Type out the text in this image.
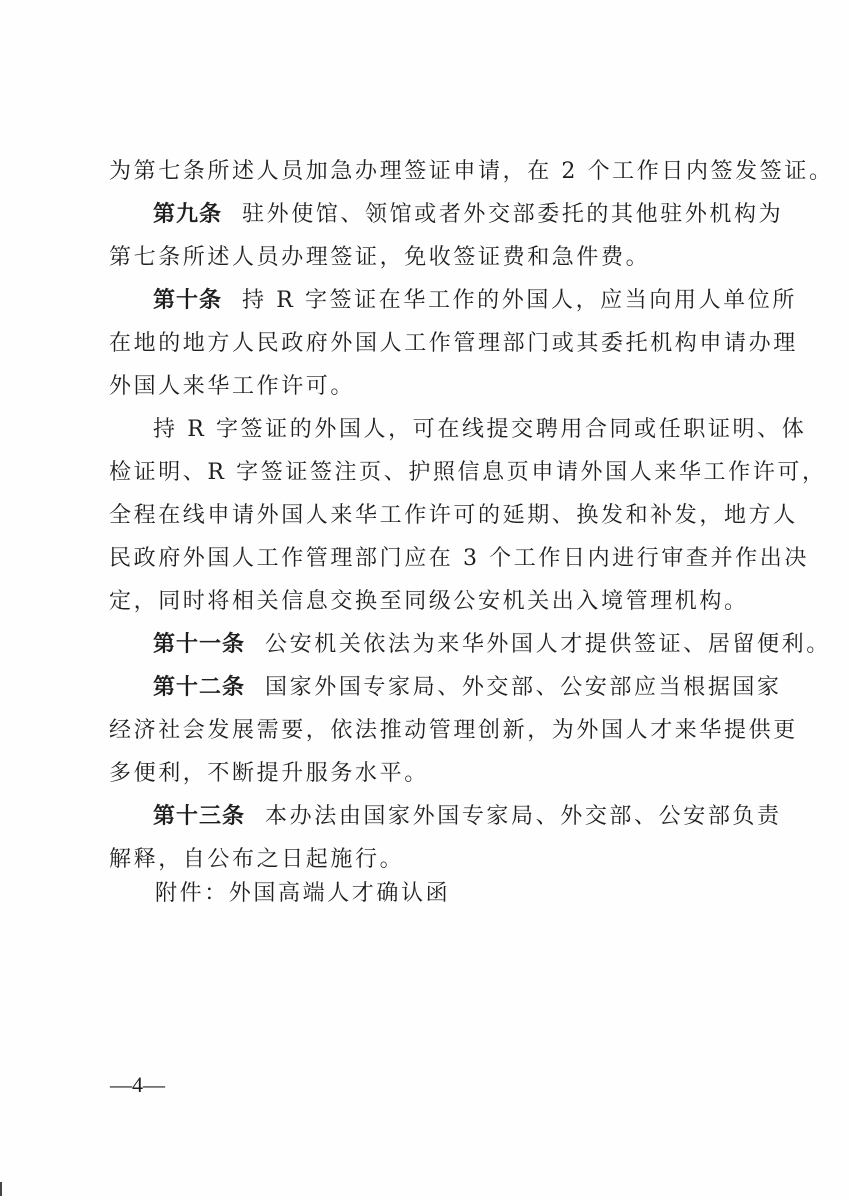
为第七条所述人员加急办理签证申请，在 2 个工作日内签发签证。
第九条 驻外使馆、领馆或者外交部委托的其他驻外机构为
第七条所述人员办理签证，免收签证费和急件费。
第十条 持 R 字签证在华工作的外国人，应当向用人单位所
在地的地方人民政府外国人工作管理部门或其委托机构申请办理
外国人来华工作许可。
持 R 字签证的外国人，可在线提交聘用合同或任职证明、体
检证明、R 字签证签注页、护照信息页申请外国人来华工作许可，
全程在线申请外国人来华工作许可的延期、换发和补发，地方人
民政府外国人工作管理部门应在 3 个工作日内进行审查并作出决
定，同时将相关信息交换至同级公安机关出入境管理机构。
第十一条 公安机关依法为来华外国人才提供签证、居留便利。
第十二条 国家外国专家局、外交部、公安部应当根据国家
经济社会发展需要，依法推动管理创新，为外国人才来华提供更
多便利，不断提升服务水平。
第十三条 本办法由国家外国专家局、外交部、公安部负责
解释，自公布之日起施行。
附件：外国高端人才确认函
—4—
